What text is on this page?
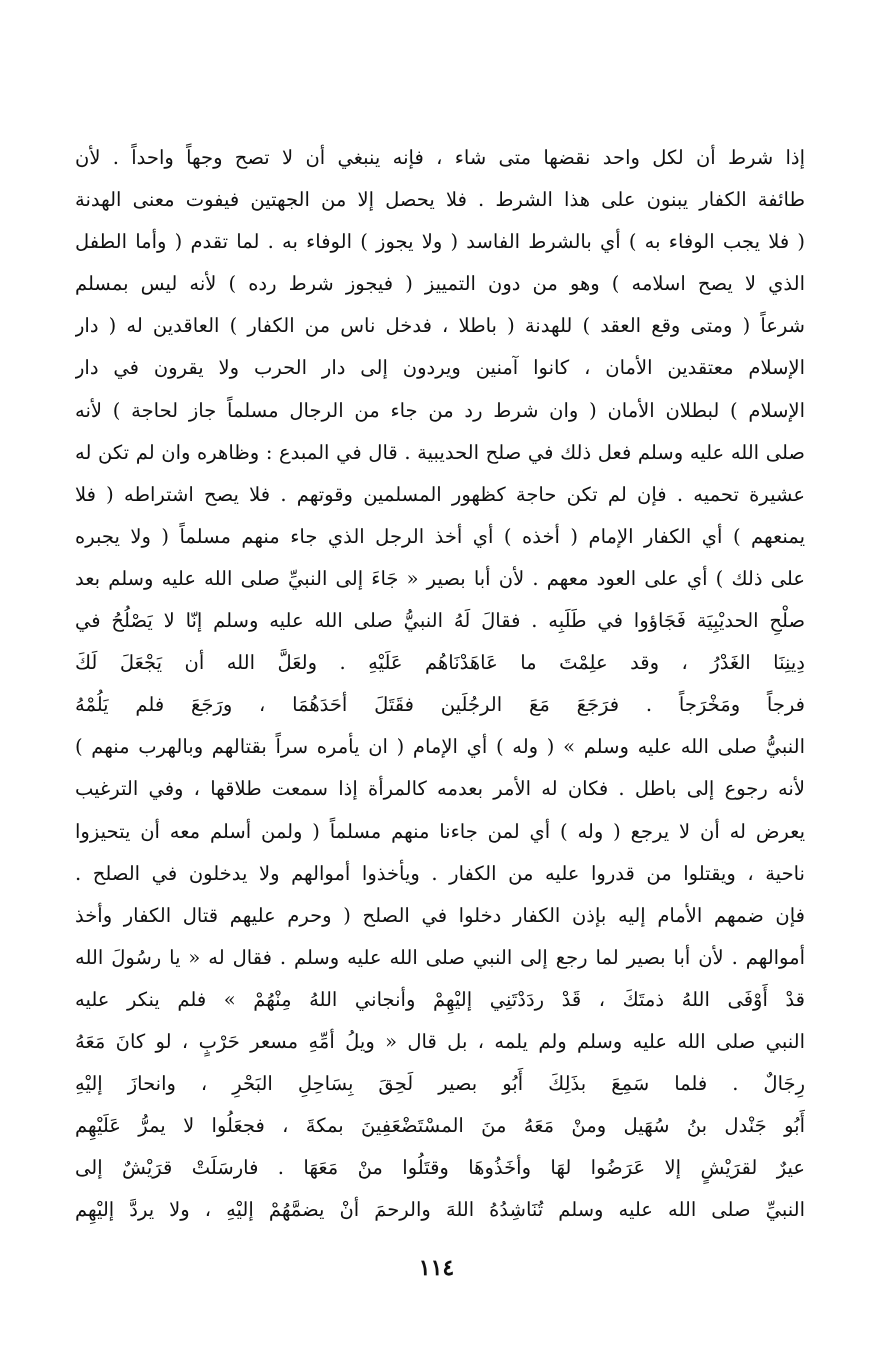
إذا شرط أن لكل واحد نقضها متى شاء ، فإنه ينبغي أن لا تصح وجهاً واحداً . لأن
طائفة الكفار يبنون على هذا الشرط . فلا يحصل إلا من الجهتين فيفوت معنى الهدنة
( فلا يجب الوفاء به ) أي بالشرط الفاسد ( ولا يجوز ) الوفاء به . لما تقدم ( وأما الطفل
الذي لا يصح اسلامه ) وهو من دون التمييز ( فيجوز شرط رده ) لأنه ليس بمسلم
شرعاً ( ومتى وقع العقد ) للهدنة ( باطلا ، فدخل ناس من الكفار ) العاقدين له ( دار
الإسلام معتقدين الأمان ، كانوا آمنين ويردون إلى دار الحرب ولا يقرون في دار
الإسلام ) لبطلان الأمان ( وان شرط رد من جاء من الرجال مسلماً جاز لحاجة ) لأنه
صلى الله عليه وسلم فعل ذلك في صلح الحديبية . قال في المبدع : وظاهره وان لم تكن له
عشيرة تحميه . فإن لم تكن حاجة كظهور المسلمين وقوتهم . فلا يصح اشتراطه ( فلا
يمنعهم ) أي الكفار الإمام ( أخذه ) أي أخذ الرجل الذي جاء منهم مسلماً ( ولا يجبره
على ذلك ) أي على العود معهم . لأن أبا بصير « جَاءَ إلى النبيِّ صلى الله عليه وسلم بعد
صلْحِ الحديْبِيَة فَجَاؤوا في طَلَبِه . فقالَ لَهُ النبيُّ صلى الله عليه وسلم إنّا لا يَصْلُحُ في
دِينِنَا الغَدْرُ ، وقد علِمْتَ ما عَاهَدْنَاهُم عَلَيْهِ . ولعَلَّ الله أن يَجْعَلَ لَكَ
فرجاً ومَخْرَجاً . فرَجَعَ مَعَ الرجُلَين فقَتَلَ أحَدَهُمَا ، ورَجَعَ فلم يَلُمْهُ
النبيُّ صلى الله عليه وسلم » ( وله ) أي الإمام ( ان يأمره سراً بقتالهم وبالهرب منهم )
لأنه رجوع إلى باطل . فكان له الأمر بعدمه كالمرأة إذا سمعت طلاقها ، وفي الترغيب
يعرض له أن لا يرجع ( وله ) أي لمن جاءنا منهم مسلماً ( ولمن أسلم معه أن يتحيزوا
ناحية ، ويقتلوا من قدروا عليه من الكفار . ويأخذوا أموالهم ولا يدخلون في الصلح .
فإن ضمهم الأمام إليه بإذن الكفار دخلوا في الصلح ( وحرم عليهم قتال الكفار وأخذ
أموالهم . لأن أبا بصير لما رجع إلى النبي صلى الله عليه وسلم . فقال له « يا رسُولَ الله
قدْ أَوْفَى اللهُ ذمتَكَ ، قَدْ ردَدْتَنِي إليْهِمْ وأنجاني اللهُ مِنْهُمْ » فلم ينكر عليه
النبي صلى الله عليه وسلم ولم يلمه ، بل قال « ويلُ أمِّهِ مسعر حَرْبٍ ، لو كانَ مَعَهُ
رِجَالٌ . فلما سَمِعَ بذَلِكَ أَبُو بصير لَحِقَ بِسَاحِلِ البَحْرِ ، وانحازَ إليْهِ
أَبُو جَنْدل بنُ سُهَيل ومنْ مَعَهُ منَ المسْتَضْعَفِينَ بمكةَ ، فجعَلُوا لا يمرُّ عَلَيْهِم
عيرٌ لقرَيْشٍ إلا عَرَضُوا لهَا وأخَذُوهَا وقتَلُوا منْ مَعَهَا . فارسَلَتْ قرَيْشٌ إلى
النبيِّ صلى الله عليه وسلم تُنَاشِدُهُ اللهَ والرحمَ أنْ يضمَّهُمْ إليْهِ ، ولا يردَّ إليْهِم
١١٤
